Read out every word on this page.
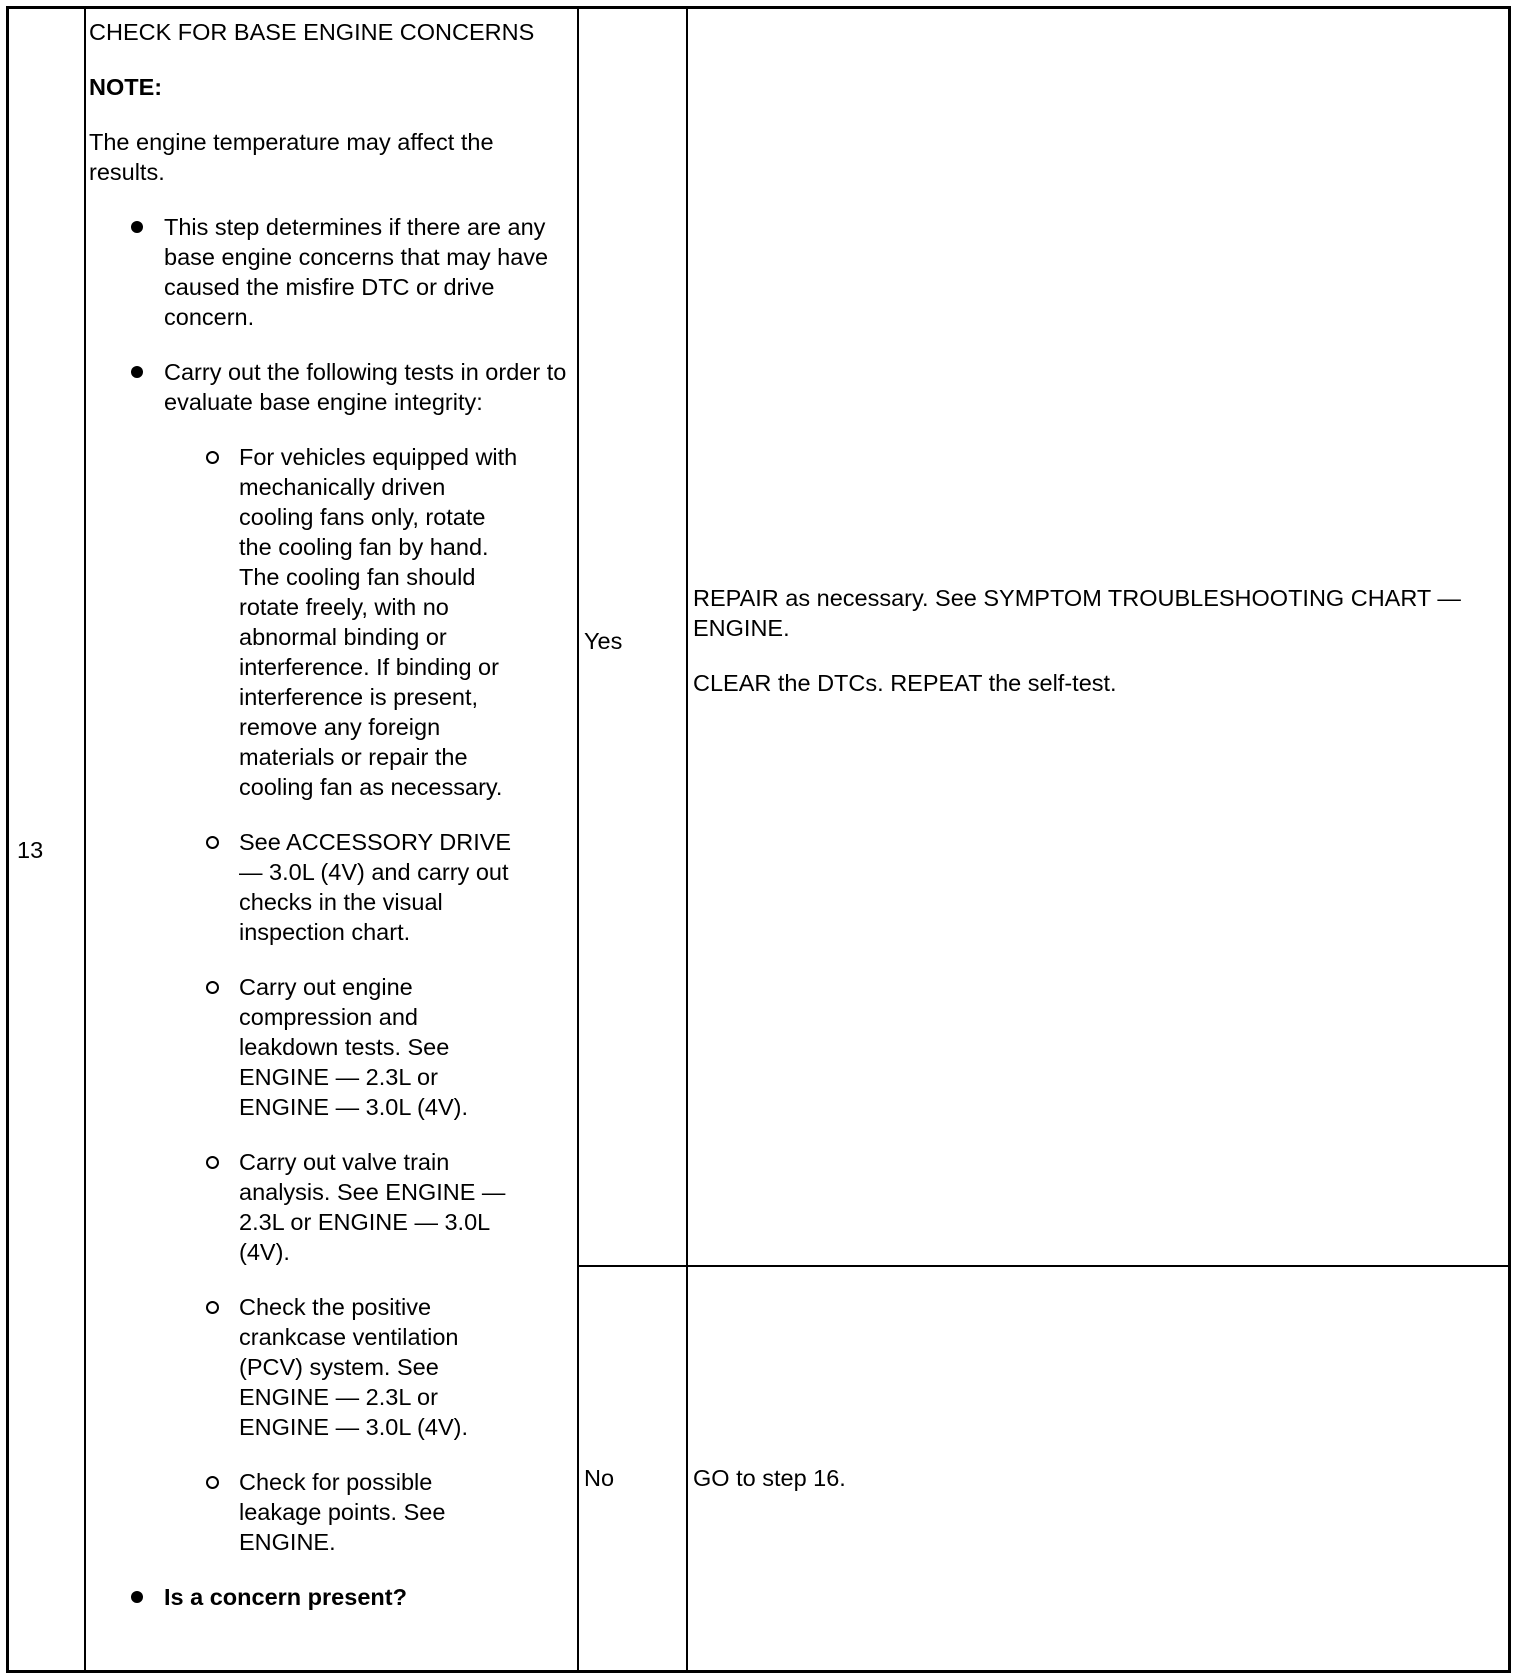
13

CHECK FOR BASE ENGINE CONCERNS

NOTE:

The engine temperature may affect the results.

This step determines if there are any base engine concerns that may have caused the misfire DTC or drive concern.
Carry out the following tests in order to evaluate base engine integrity:
For vehicles equipped with mechanically driven cooling fans only, rotate the cooling fan by hand. The cooling fan should rotate freely, with no abnormal binding or interference. If binding or interference is present, remove any foreign materials or repair the cooling fan as necessary.
See ACCESSORY DRIVE — 3.0L (4V) and carry out checks in the visual inspection chart.
Carry out engine compression and leakdown tests. See ENGINE — 2.3L or ENGINE — 3.0L (4V).
Carry out valve train analysis. See ENGINE — 2.3L or ENGINE — 3.0L (4V).
Check the positive crankcase ventilation (PCV) system. See ENGINE — 2.3L or ENGINE — 3.0L (4V).
Check for possible leakage points. See ENGINE.
Is a concern present?
Yes

REPAIR as necessary. See SYMPTOM TROUBLESHOOTING CHART — ENGINE.

CLEAR the DTCs. REPEAT the self-test.

No	GO to step 16.
